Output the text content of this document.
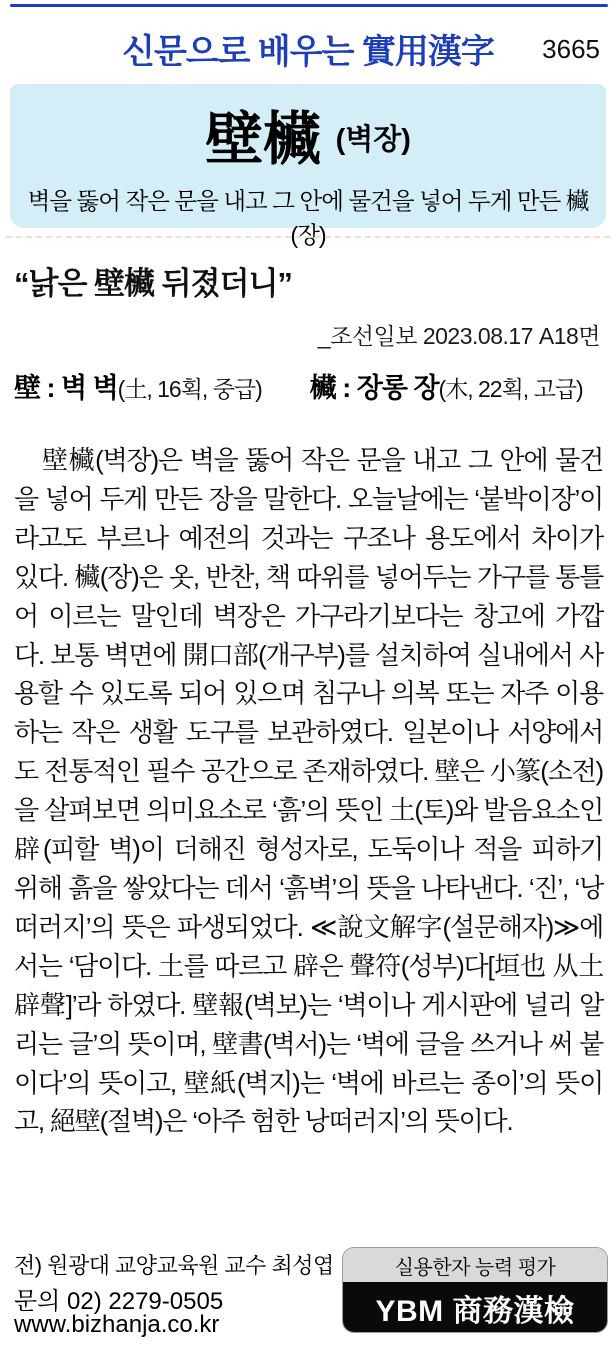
신문으로 배우는 實用漢字	3665
壁欌 (벽장)
벽을 뚫어 작은 문을 내고 그 안에 물건을 넣어 두게 만든 欌(장)
“낡은 壁欌 뒤졌더니”
_조선일보 2023.08.17 A18면
壁 : 벽 벽(土, 16획, 중급) 欌 : 장롱 장(木, 22획, 고급)
壁欌(벽장)은 벽을 뚫어 작은 문을 내고 그 안에 물건을 넣어 두게 만든 장을 말한다. 오늘날에는 ‘붙박이장’이라고도 부르나 예전의 것과는 구조나 용도에서 차이가 있다. 欌(장)은 옷, 반찬, 책 따위를 넣어두는 가구를 통틀어 이르는 말인데 벽장은 가구라기보다는 창고에 가깝다. 보통 벽면에 開口部(개구부)를 설치하여 실내에서 사용할 수 있도록 되어 있으며 침구나 의복 또는 자주 이용하는 작은 생활 도구를 보관하였다. 일본이나 서양에서도 전통적인 필수 공간으로 존재하였다. 壁은 小篆(소전)을 살펴보면 의미요소로 ‘흙’의 뜻인 土(토)와 발음요소인 辟(피할 벽)이 더해진 형성자로, 도둑이나 적을 피하기 위해 흙을 쌓았다는 데서 ‘흙벽’의 뜻을 나타낸다. ‘진’, ‘낭떠러지’의 뜻은 파생되었다. ≪說文解字(설문해자)≫에서는 ‘담이다. 土를 따르고 辟은 聲符(성부)다[垣也 从土 辟聲]’라 하였다. 壁報(벽보)는 ‘벽이나 게시판에 널리 알리는 글’의 뜻이며, 壁書(벽서)는 ‘벽에 글을 쓰거나 써 붙이다’의 뜻이고, 壁紙(벽지)는 ‘벽에 바르는 종이’의 뜻이고, 絕壁(절벽)은 ‘아주 험한 낭떠러지’의 뜻이다.
전) 원광대 교양교육원 교수 최성엽
문의 02) 2279-0505
www.bizhanja.co.kr
실용한자 능력 평가
YBM 商務漢檢
